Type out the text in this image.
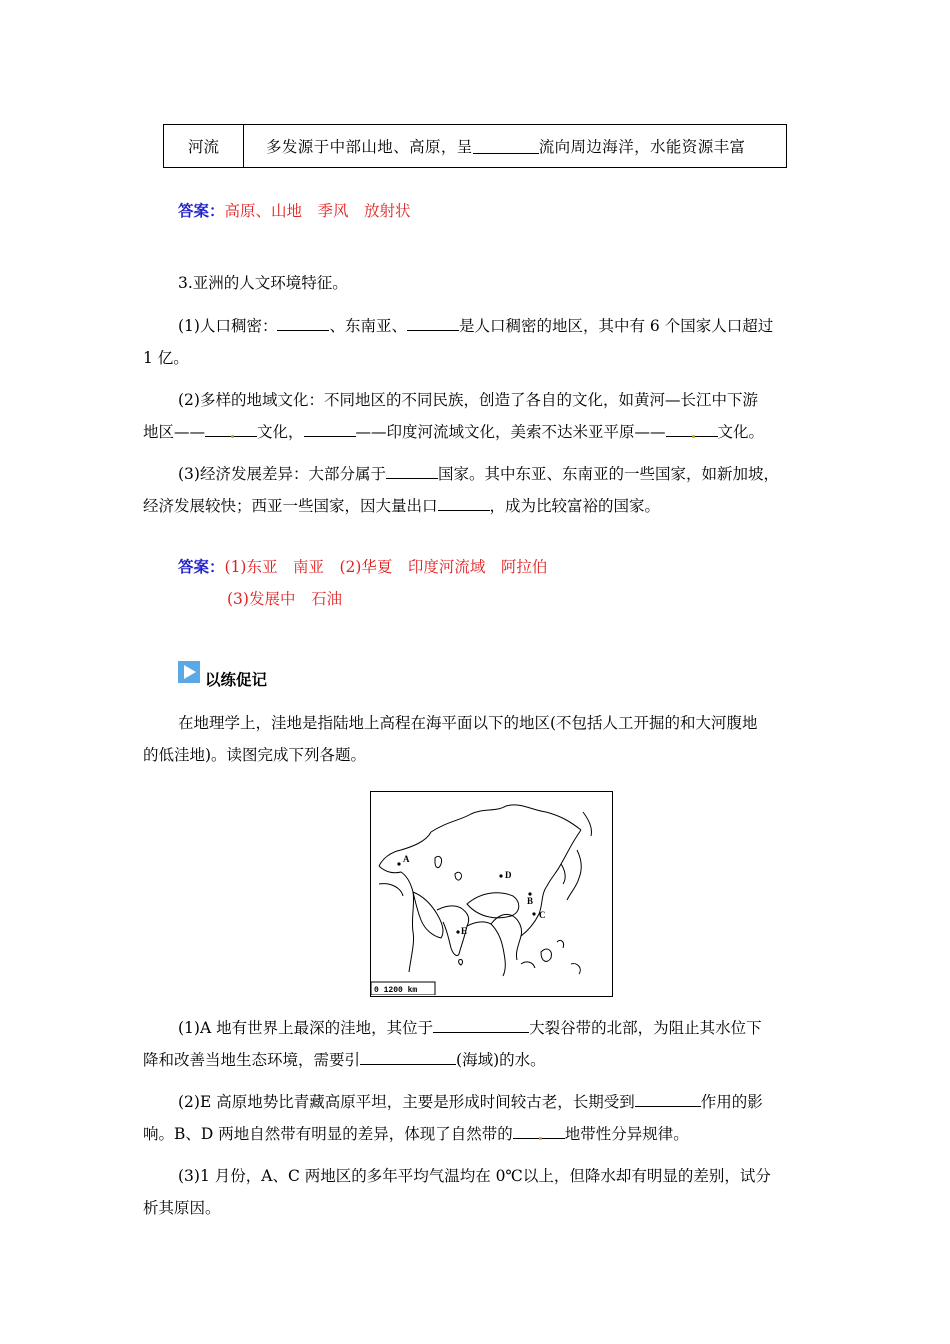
河流	多发源于中部山地、高原，呈	流向周边海洋，水能资源丰富
答案：高原、山地　季风　放射状
3.亚洲的人文环境特征。
(1)人口稠密：	、东南亚、	是人口稠密的地区，其中有 6 个国家人口超过
1 亿。
(2)多样的地域文化：不同地区的不同民族，创造了各自的文化，如黄河—长江中下游
地区——	文化，	——印度河流域文化，美索不达米亚平原——	文化。
(3)经济发展差异：大部分属于	国家。其中东亚、东南亚的一些国家，如新加坡，
经济发展较快；西亚一些国家，因大量出口	，成为比较富裕的国家。
答案：(1)东亚　南亚　(2)华夏　印度河流域　阿拉伯
(3)发展中　石油
以练促记
在地理学上，洼地是指陆地上高程在海平面以下的地区(不包括人工开掘的和大河腹地
的低洼地)。读图完成下列各题。
A
D
B
C
E
0 1200 km
(1)A 地有世界上最深的洼地，其位于	大裂谷带的北部，为阻止其水位下
降和改善当地生态环境，需要引	(海域)的水。
(2)E 高原地势比青藏高原平坦，主要是形成时间较古老，长期受到	作用的影
响。B、D 两地自然带有明显的差异，体现了自然带的	地带性分异规律。
(3)1 月份，A、C 两地区的多年平均气温均在 0℃以上，但降水却有明显的差别，试分
析其原因。
